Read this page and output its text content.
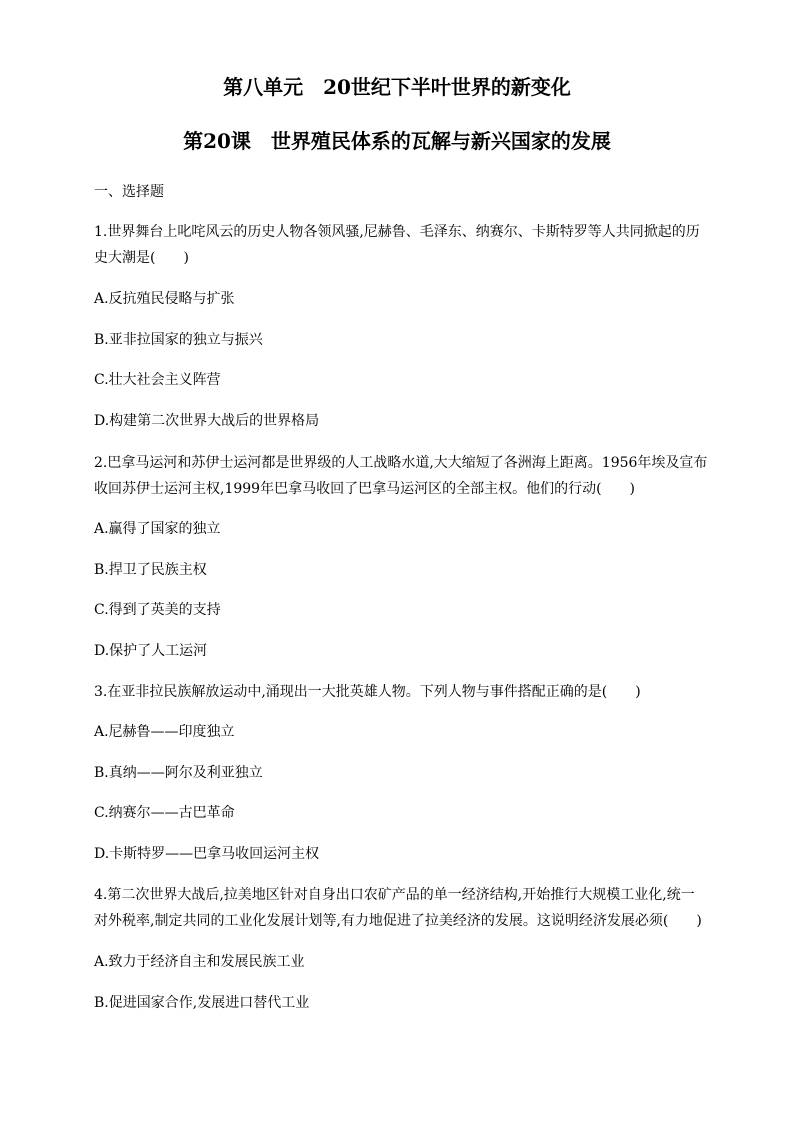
第八单元　20世纪下半叶世界的新变化
第20课　世界殖民体系的瓦解与新兴国家的发展
一、选择题
1.世界舞台上叱咤风云的历史人物各领风骚,尼赫鲁、毛泽东、纳赛尔、卡斯特罗等人共同掀起的历
史大潮是(　　)
A.反抗殖民侵略与扩张
B.亚非拉国家的独立与振兴
C.壮大社会主义阵营
D.构建第二次世界大战后的世界格局
2.巴拿马运河和苏伊士运河都是世界级的人工战略水道,大大缩短了各洲海上距离。1956年埃及宣布
收回苏伊士运河主权,1999年巴拿马收回了巴拿马运河区的全部主权。他们的行动(　　)
A.赢得了国家的独立
B.捍卫了民族主权
C.得到了英美的支持
D.保护了人工运河
3.在亚非拉民族解放运动中,涌现出一大批英雄人物。下列人物与事件搭配正确的是(　　)
A.尼赫鲁——印度独立
B.真纳——阿尔及利亚独立
C.纳赛尔——古巴革命
D.卡斯特罗——巴拿马收回运河主权
4.第二次世界大战后,拉美地区针对自身出口农矿产品的单一经济结构,开始推行大规模工业化,统一
对外税率,制定共同的工业化发展计划等,有力地促进了拉美经济的发展。这说明经济发展必须(　　)
A.致力于经济自主和发展民族工业
B.促进国家合作,发展进口替代工业
